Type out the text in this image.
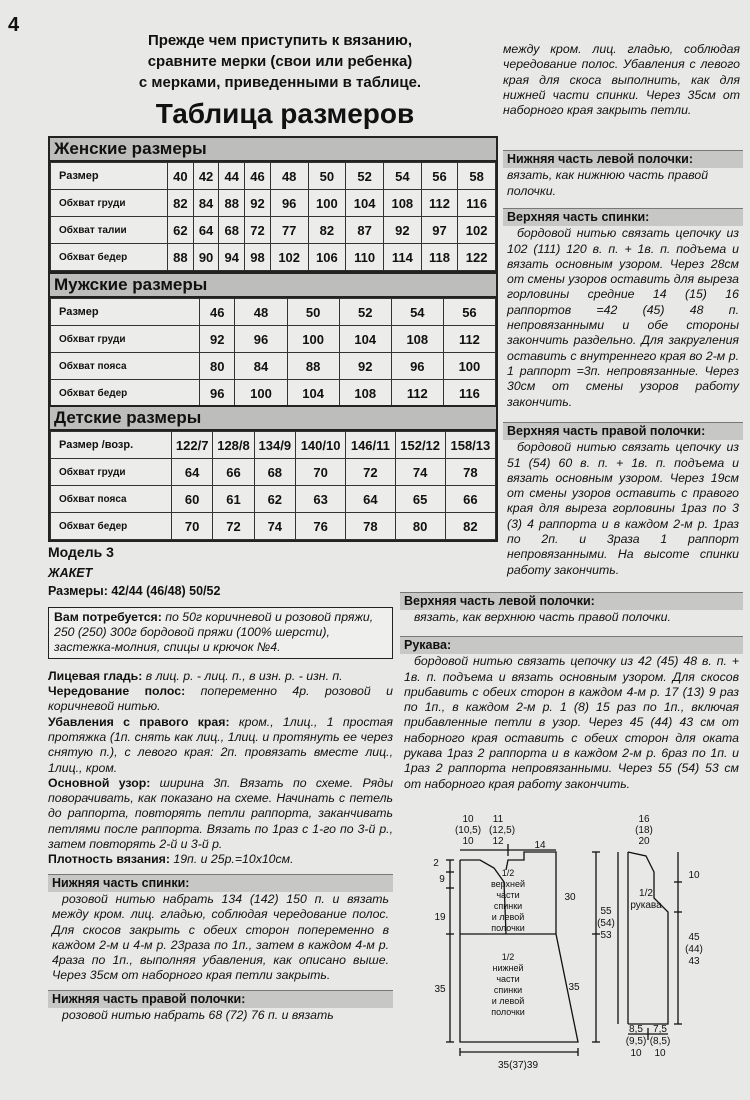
4
Прежде чем приступить к вязанию,
сравните мерки (свои или ребенка)
с мерками, приведенными в таблице.
Таблица размеров
Женские размеры
Размер	40	42	44	46	48	50	52	54	56	58
Обхват груди	82	84	88	92	96	100	104	108	112	116
Обхват талии	62	64	68	72	77	82	87	92	97	102
Обхват бедер	88	90	94	98	102	106	110	114	118	122
Мужские размеры
Размер	46	48	50	52	54	56
Обхват груди	92	96	100	104	108	112
Обхват пояса	80	84	88	92	96	100
Обхват бедер	96	100	104	108	112	116
Детские размеры
Размер /возр.	122/7	128/8	134/9	140/10	146/11	152/12	158/13
Обхват груди	64	66	68	70	72	74	78
Обхват пояса	60	61	62	63	64	65	66
Обхват бедер	70	72	74	76	78	80	82
между кром. лиц. гладью, соблюдая чередование полос. Убавления с левого края для скоса выполнить, как для нижней части спинки. Через 35см от наборного края закрыть петли.
Нижняя часть левой полочки:
вязать, как нижнюю часть правой полочки.
Верхняя часть спинки:
бордовой нитью связать цепочку из 102 (111) 120 в. п. + 1в. п. подъема и вязать основным узором. Через 28см от смены узоров оставить для выреза горловины средние 14 (15) 16 раппортов =42 (45) 48 п. непровязанными и обе стороны закончить раздельно. Для закругления оставить с внутреннего края во 2-м р. 1 раппорт =3п. непровязанные. Через 30см от смены узоров работу закончить.
Верхняя часть правой полочки:
бордовой нитью связать цепочку из 51 (54) 60 в. п. + 1в. п. подъема и вязать основным узором. Через 19см от смены узоров оставить с правого края для выреза горловины 1раз по 3 (3) 4 раппорта и в каждом 2-м р. 1раз по 2п. и 3раза 1 раппорт непровязанными. На высоте спинки работу закончить.
Верхняя часть левой полочки:
вязать, как верхнюю часть правой полочки.
Рукава:
бордовой нитью связать цепочку из 42 (45) 48 в. п. + 1в. п. подъема и вязать основным узором. Для скосов прибавить с обеих сторон в каждом 4-м р. 17 (13) 9 раз по 1п., в каждом 2-м р. 1 (8) 15 раз по 1п., включая прибавленные петли в узор. Через 45 (44) 43 см от наборного края оставить с обеих сторон для оката рукава 1раз 2 раппорта и в каждом 2-м р. 6раз по 1п. и 1раз 2 раппорта непровязанными. Через 55 (54) 53 см от наборного края работу закончить.
Модель 3
ЖАКЕТ
Размеры: 42/44 (46/48) 50/52
Вам потребуется: по 50г коричневой и розовой пряжи, 250 (250) 300г бордовой пряжи (100% шерсти), застежка-молния, спицы и крючок №4.
Лицевая гладь: в лиц. р. - лиц. п., в изн. р. - изн. п.
Чередование полос: попеременно 4р. розовой и коричневой нитью.
Убавления с правого края: кром., 1лиц., 1 простая протяжка (1п. снять как лиц., 1лиц. и протянуть ее через снятую п.), с левого края: 2п. провязать вместе лиц., 1лиц., кром.
Основной узор: ширина 3п. Вязать по схеме. Ряды поворачивать, как показано на схеме. Начинать с петель до раппорта, повторять петли раппорта, заканчивать петлями после раппорта. Вязать по 1раз с 1-го по 3-й р., затем повторять 2-й и 3-й р.
Плотность вязания: 19п. и 25р.=10х10см.
Нижняя часть спинки:
розовой нитью набрать 134 (142) 150 п. и вязать между кром. лиц. гладью, соблюдая чередование полос. Для скосов закрыть с обеих сторон попеременно в каждом 2-м и 4-м р. 23раза по 1п., затем в каждом 4-м р. 4раза по 1п., выполняя убавления, как описано выше. Через 35см от наборного края петли закрыть.
Нижняя часть правой полочки:
розовой нитью набрать 68 (72) 76 п. и вязать
10 11
(10,5) (12,5)
10 12	14
2
9
19
35
30
35
35(37)39
1/2
верхней
части
спинки
и левой
полочки
1/2
нижней
части
спинки
и левой
полочки
16
(18)
20
1/2
рукава
55
(54)
53
10
45
(44)
43
8,5 7,5
(9,5) (8,5)
10 10
